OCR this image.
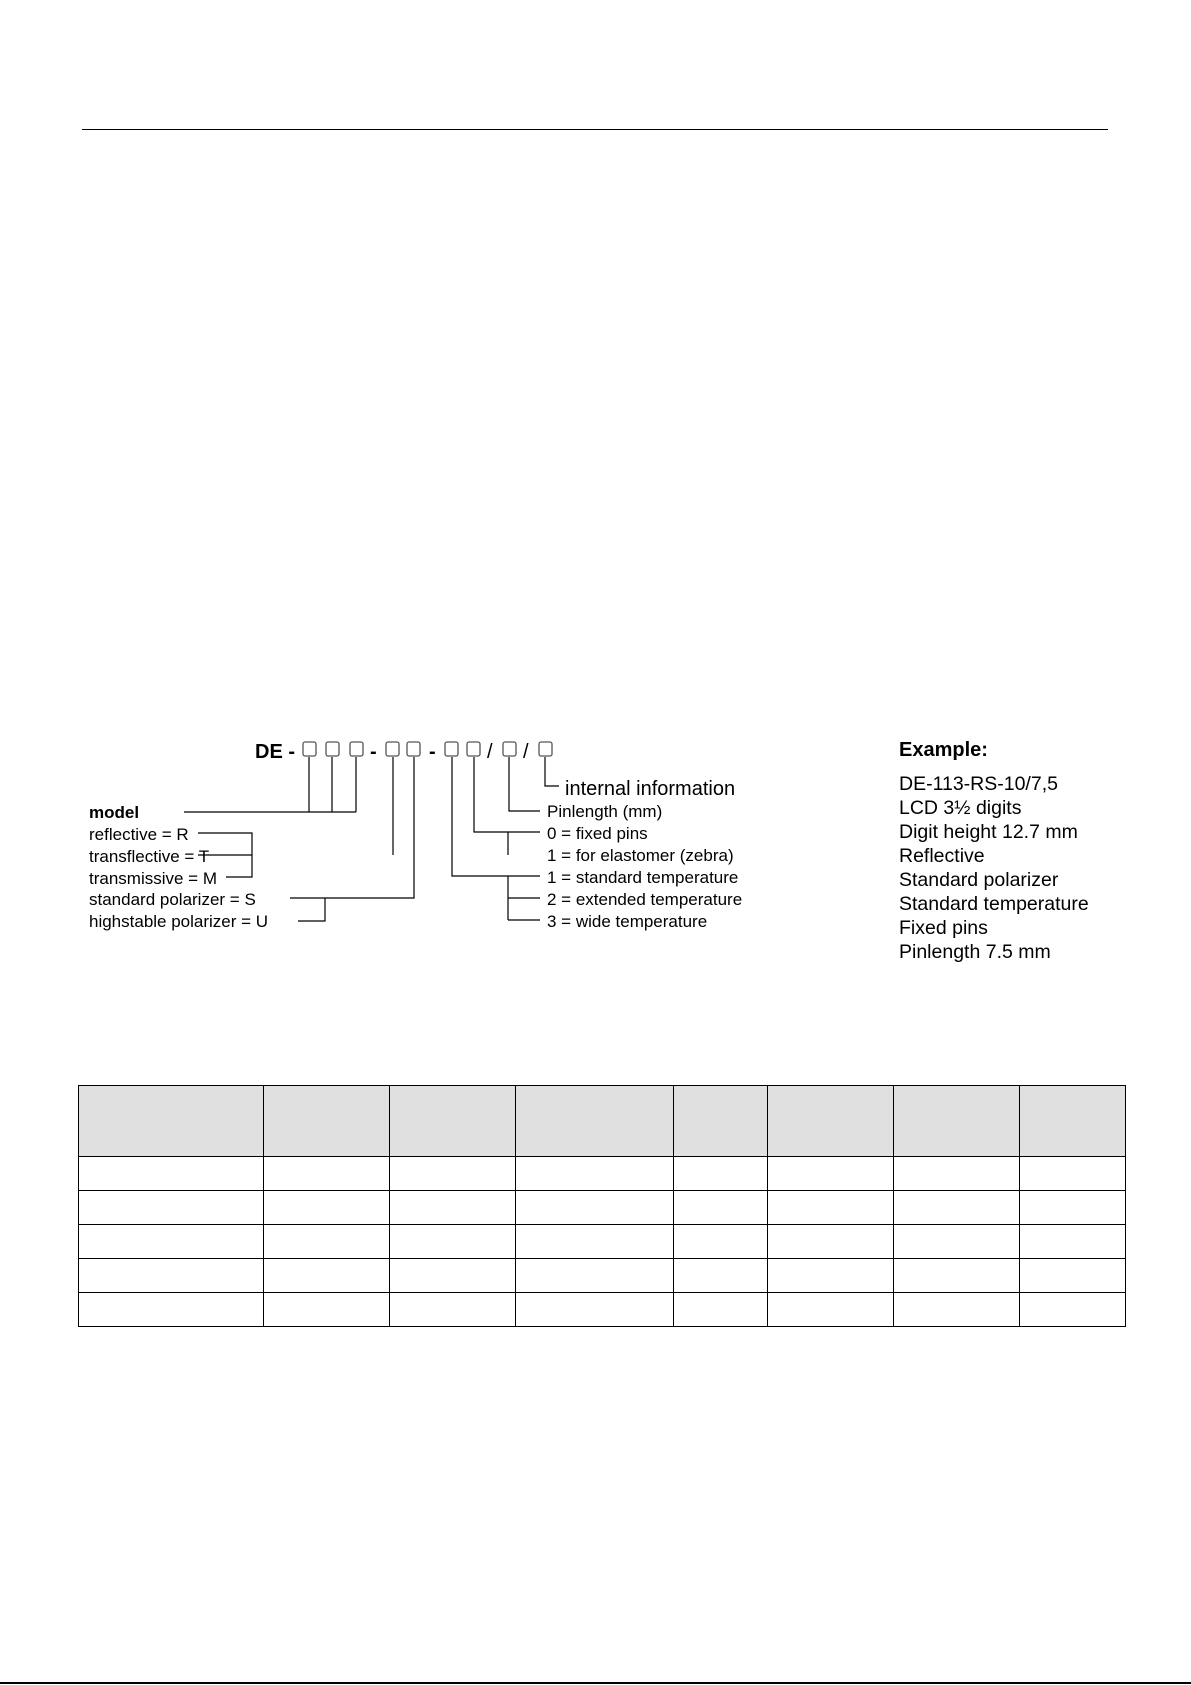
DE -	-	-	/ /
internal information
Pinlength (mm)
0 = fixed pins
1 = for elastomer (zebra)
1 = standard temperature
2 = extended temperature
3 = wide temperature
model
reflective = R
transflective = T
transmissive = M
standard polarizer = S
highstable polarizer = U
Example:
DE-113-RS-10/7,5
LCD 3½ digits
Digit height 12.7 mm
Reflective
Standard polarizer
Standard temperature
Fixed pins
Pinlength 7.5 mm
